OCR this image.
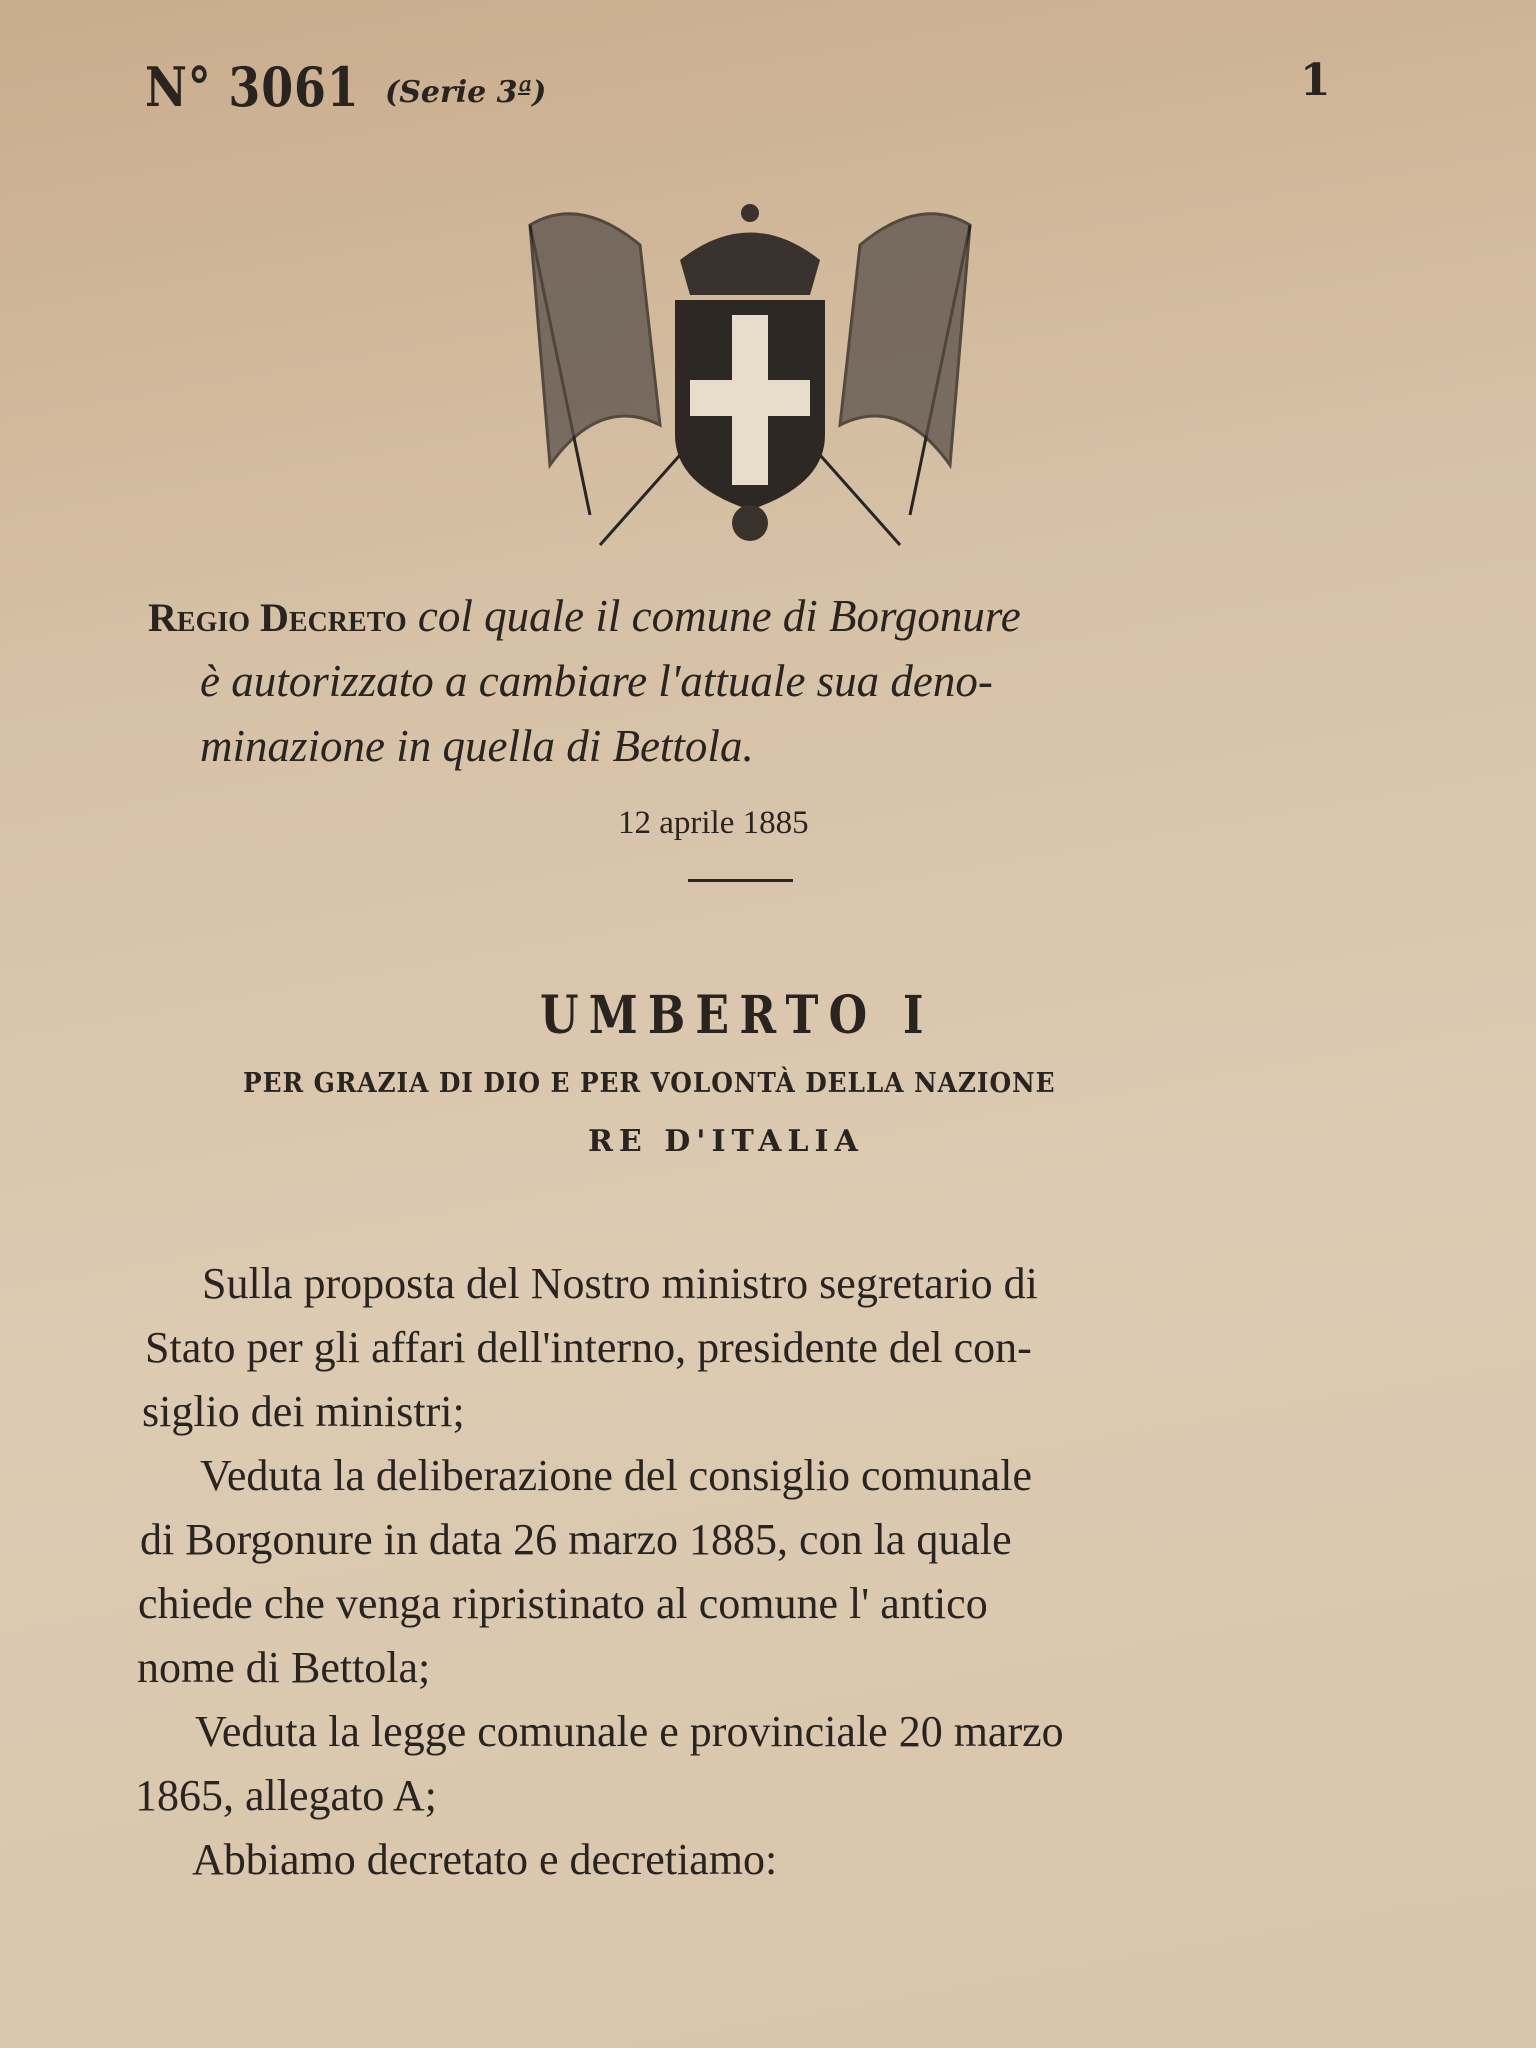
N° 3061 (Serie 3ª)	1
Regio Decreto col quale il comune di Borgonure
è autorizzato a cambiare l'attuale sua deno-
minazione in quella di Bettola.
12 aprile 1885
UMBERTO I
PER GRAZIA DI DIO E PER VOLONTÀ DELLA NAZIONE
RE D'ITALIA
Sulla proposta del Nostro ministro segretario di
Stato per gli affari dell'interno, presidente del con-
siglio dei ministri;
Veduta la deliberazione del consiglio comunale
di Borgonure in data 26 marzo 1885, con la quale
chiede che venga ripristinato al comune l' antico
nome di Bettola;
Veduta la legge comunale e provinciale 20 marzo
1865, allegato A;
Abbiamo decretato e decretiamo:
